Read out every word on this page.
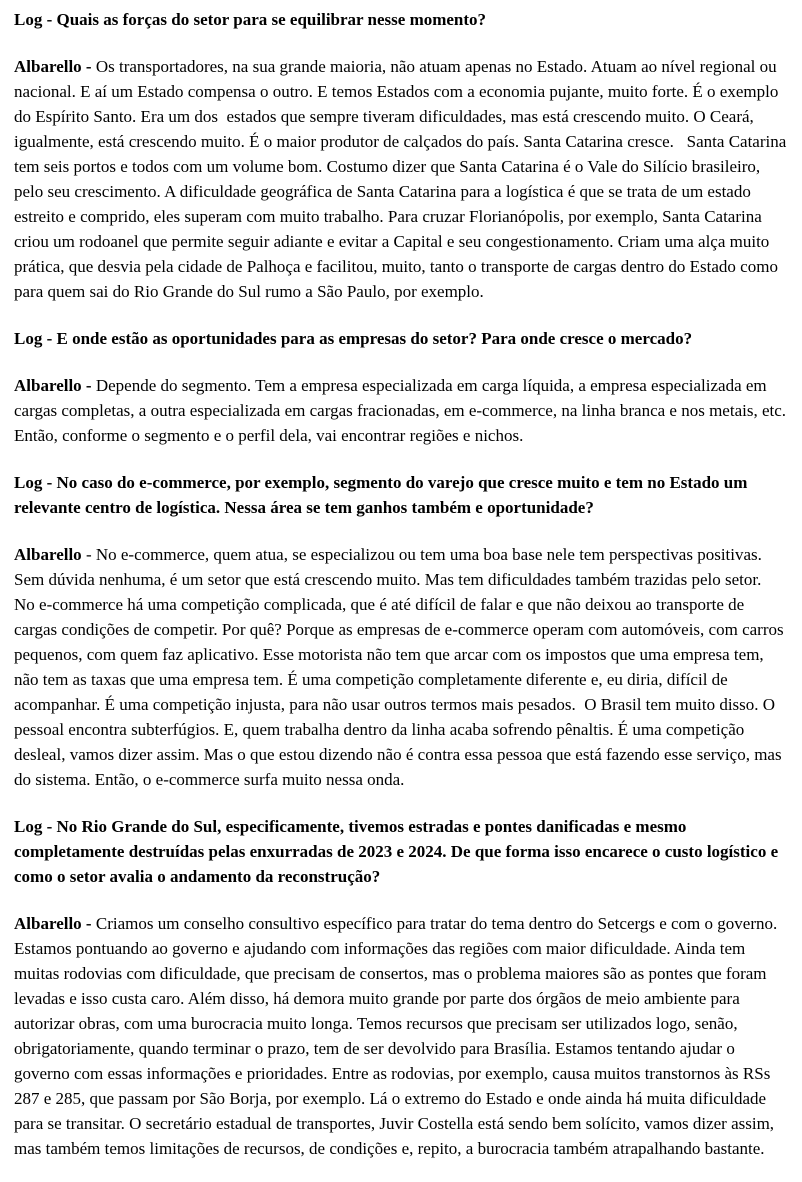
Log - Quais as forças do setor para se equilibrar nesse momento?

Albarello - Os transportadores, na sua grande maioria, não atuam apenas no Estado. Atuam ao nível regional ou nacional. E aí um Estado compensa o outro. E temos Estados com a economia pujante, muito forte. É o exemplo do Espírito Santo. Era um dos  estados que sempre tiveram dificuldades, mas está crescendo muito. O Ceará, igualmente, está crescendo muito. É o maior produtor de calçados do país. Santa Catarina cresce.   Santa Catarina tem seis portos e todos com um volume bom. Costumo dizer que Santa Catarina é o Vale do Silício brasileiro, pelo seu crescimento. A dificuldade geográfica de Santa Catarina para a logística é que se trata de um estado estreito e comprido, eles superam com muito trabalho. Para cruzar Florianópolis, por exemplo, Santa Catarina criou um rodoanel que permite seguir adiante e evitar a Capital e seu congestionamento. Criam uma alça muito prática, que desvia pela cidade de Palhoça e facilitou, muito, tanto o transporte de cargas dentro do Estado como para quem sai do Rio Grande do Sul rumo a São Paulo, por exemplo.

Log - E onde estão as oportunidades para as empresas do setor? Para onde cresce o mercado?

Albarello - Depende do segmento. Tem a empresa especializada em carga líquida, a empresa especializada em cargas completas, a outra especializada em cargas fracionadas, em e-commerce, na linha branca e nos metais, etc. Então, conforme o segmento e o perfil dela, vai encontrar regiões e nichos.

Log - No caso do e-commerce, por exemplo, segmento do varejo que cresce muito e tem no Estado um relevante centro de logística. Nessa área se tem ganhos também e oportunidade?

Albarello - No e-commerce, quem atua, se especializou ou tem uma boa base nele tem perspectivas positivas. Sem dúvida nenhuma, é um setor que está crescendo muito. Mas tem dificuldades também trazidas pelo setor.  No e-commerce há uma competição complicada, que é até difícil de falar e que não deixou ao transporte de cargas condições de competir. Por quê? Porque as empresas de e-commerce operam com automóveis, com carros pequenos, com quem faz aplicativo. Esse motorista não tem que arcar com os impostos que uma empresa tem, não tem as taxas que uma empresa tem. É uma competição completamente diferente e, eu diria, difícil de acompanhar. É uma competição injusta, para não usar outros termos mais pesados.  O Brasil tem muito disso. O pessoal encontra subterfúgios. E, quem trabalha dentro da linha acaba sofrendo pênaltis. É uma competição desleal, vamos dizer assim. Mas o que estou dizendo não é contra essa pessoa que está fazendo esse serviço, mas do sistema. Então, o e-commerce surfa muito nessa onda.

Log - No Rio Grande do Sul, especificamente, tivemos estradas e pontes danificadas e mesmo completamente destruídas pelas enxurradas de 2023 e 2024. De que forma isso encarece o custo logístico e como o setor avalia o andamento da reconstrução?

Albarello - Criamos um conselho consultivo específico para tratar do tema dentro do Setcergs e com o governo. Estamos pontuando ao governo e ajudando com informações das regiões com maior dificuldade. Ainda tem muitas rodovias com dificuldade, que precisam de consertos, mas o problema maiores são as pontes que foram levadas e isso custa caro. Além disso, há demora muito grande por parte dos órgãos de meio ambiente para autorizar obras, com uma burocracia muito longa. Temos recursos que precisam ser utilizados logo, senão, obrigatoriamente, quando terminar o prazo, tem de ser devolvido para Brasília. Estamos tentando ajudar o governo com essas informações e prioridades. Entre as rodovias, por exemplo, causa muitos transtornos às RSs 287 e 285, que passam por São Borja, por exemplo. Lá o extremo do Estado e onde ainda há muita dificuldade para se transitar. O secretário estadual de transportes, Juvir Costella está sendo bem solícito, vamos dizer assim, mas também temos limitações de recursos, de condições e, repito, a burocracia também atrapalhando bastante.
